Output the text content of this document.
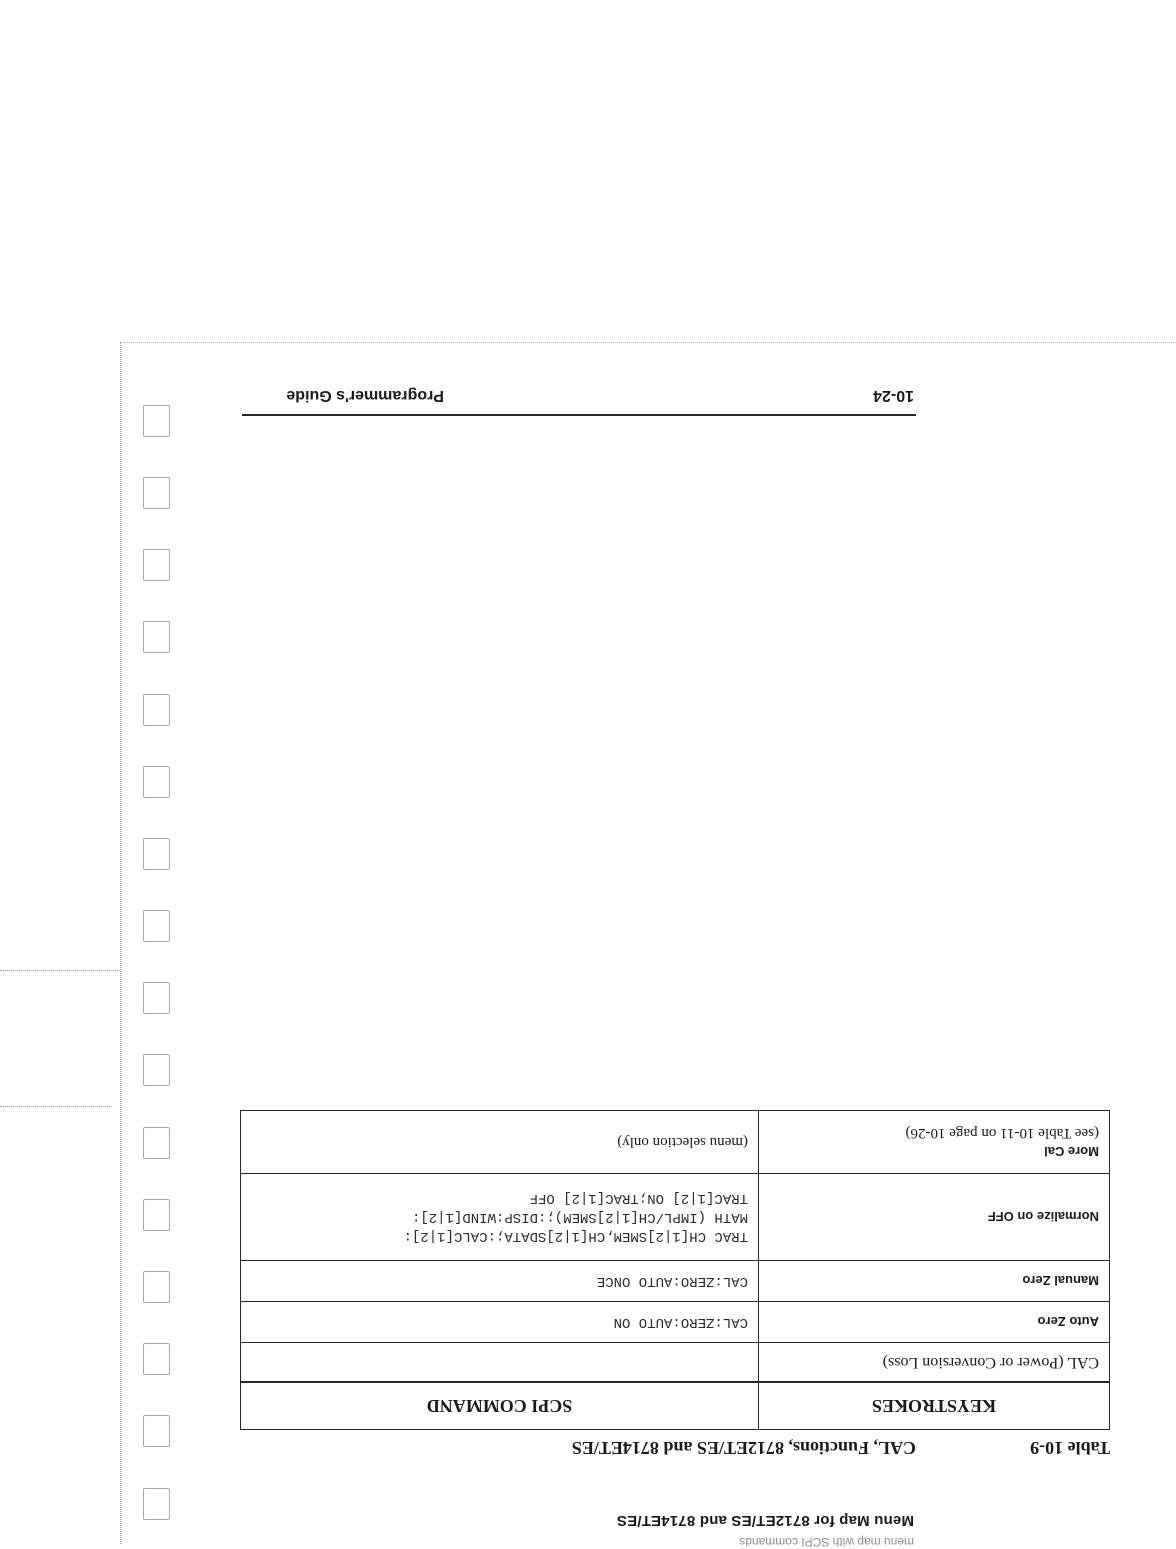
menu map with SCPI commands
Menu Map for 8712ET/ES and 8714ET/ES
Table 10-9
CAL, Functions, 8712ET/ES and 8714ET/ES
KEYSTROKES	SCPI COMMAND
CAL (Power or Conversion Loss)	
Auto Zero	CAL:ZERO:AUTO ON
Manual Zero	CAL:ZERO:AUTO ONCE
Normalize on OFF	TRAC CH[1|2]SMEM,CH[1|2]SDATA;:CALC[1|2]:
MATH (IMPL/CH[1|2]SMEM);:DISP:WIND[1|2]:
TRAC[1|2] ON;TRAC[1|2] OFF

More Cal
(see Table 10-11 on page 10-26)	(menu selection only)
10-24
Programmer's Guide
